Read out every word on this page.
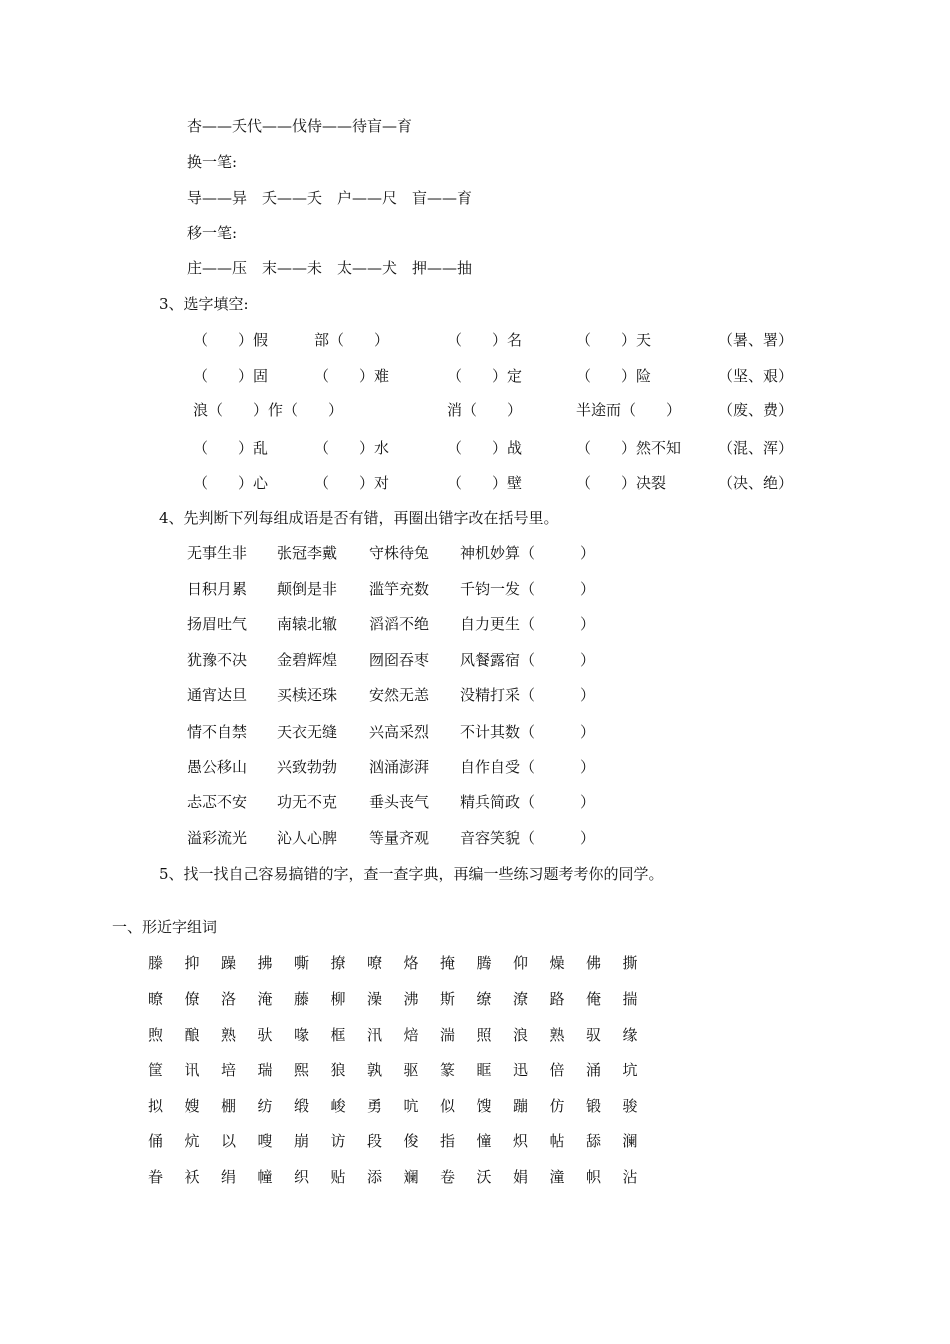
杏——夭代——伐侍——待盲—育
换一笔:
导——异　夭——夭　户——尺　盲——育
移一笔:
庄——压　末——未　太——犬　押——抽
3、选字填空:
（　　）假	部（　　）	（　　）名	（　　）天	（暑、署）
（　　）固	（　　）难	（　　）定	（　　）险	（坚、艰）
浪（　　）作（　　）	消（　　）	半途而（　　） （废、费）
（　　）乱	（　　）水	（　　）战	（　　）然不知 （混、浑）
（　　）心	（　　）对	（　　）壁	（　　）决裂	（决、绝）
4、先判断下列每组成语是否有错，再圈出错字改在括号里。
无事生非 张冠李戴 守株待兔 神机妙算（　　　）
日积月累 颠倒是非 滥竽充数 千钧一发（　　　）
扬眉吐气 南辕北辙 滔滔不绝 自力更生（　　　）
犹豫不决 金碧辉煌 囫囵吞枣 风餐露宿（　　　）
通宵达旦 买椟还珠 安然无恙 没精打采（　　　）
情不自禁 天衣无缝 兴高采烈 不计其数（　　　）
愚公移山 兴致勃勃 汹涌澎湃 自作自受（　　　）
忐忑不安 功无不克 垂头丧气 精兵简政（　　　）
溢彩流光 沁人心脾 等量齐观 音容笑貌（　　　）
5、找一找自己容易搞错的字，查一查字典，再编一些练习题考考你的同学。
一、形近字组词
滕 抑 躁 拂 嘶 撩 嘹 烙 掩 腾 仰 燥 佛 撕
暸 僚 洛 淹 藤 柳 澡 沸 斯 缭 潦 路 俺 揣
煦 酿 熟 驮 喙 框 汛 焙 湍 照 浪 熟 驭 缘
筐 讯 培 瑞 熙 狼 孰 驱 篆 眶 迅 倍 涌 坑
拟 嫂 棚 纺 缎 峻 勇 吭 似 馊 蹦 仿 锻 骏
俑 炕 以 嗖 崩 访 段 俊 指 憧 炽 帖 舔 澜
眷 袄 绢 幢 织 贴 添 斓 卷 沃 娟 潼 帜 沾
